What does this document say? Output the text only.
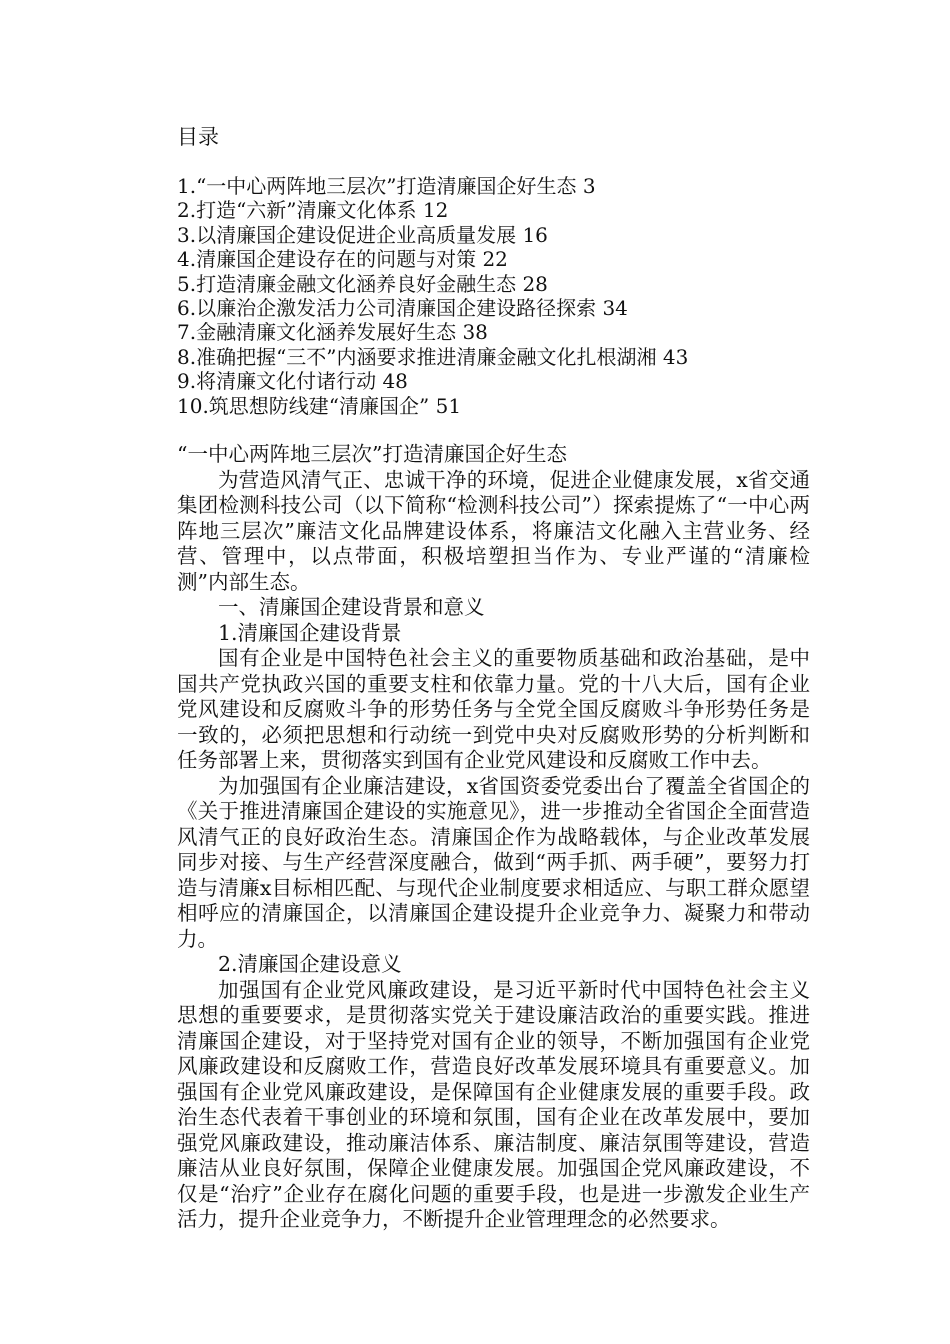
目录
1.“一中心两阵地三层次”打造清廉国企好生态 3
2.打造“六新”清廉文化体系 12
3.以清廉国企建设促进企业高质量发展 16
4.清廉国企建设存在的问题与对策 22
5.打造清廉金融文化涵养良好金融生态 28
6.以廉治企激发活力公司清廉国企建设路径探索 34
7.金融清廉文化涵养发展好生态 38
8.准确把握“三不”内涵要求推进清廉金融文化扎根湖湘 43
9.将清廉文化付诸行动 48
10.筑思想防线建“清廉国企” 51

“一中心两阵地三层次”打造清廉国企好生态

为营造风清气正、忠诚干净的环境，促进企业健康发展，x省交通集团检测科技公司（以下简称“检测科技公司”）探索提炼了“一中心两阵地三层次”廉洁文化品牌建设体系，将廉洁文化融入主营业务、经营、管理中，以点带面，积极培塑担当作为、专业严谨的“清廉检测”内部生态。

一、清廉国企建设背景和意义

1.清廉国企建设背景

国有企业是中国特色社会主义的重要物质基础和政治基础，是中国共产党执政兴国的重要支柱和依靠力量。党的十八大后，国有企业党风建设和反腐败斗争的形势任务与全党全国反腐败斗争形势任务是一致的，必须把思想和行动统一到党中央对反腐败形势的分析判断和任务部署上来，贯彻落实到国有企业党风建设和反腐败工作中去。

为加强国有企业廉洁建设，x省国资委党委出台了覆盖全省国企的《关于推进清廉国企建设的实施意见》，进一步推动全省国企全面营造风清气正的良好政治生态。清廉国企作为战略载体，与企业改革发展同步对接、与生产经营深度融合，做到“两手抓、两手硬”，要努力打造与清廉x目标相匹配、与现代企业制度要求相适应、与职工群众愿望相呼应的清廉国企，以清廉国企建设提升企业竞争力、凝聚力和带动力。

2.清廉国企建设意义

加强国有企业党风廉政建设，是习近平新时代中国特色社会主义思想的重要要求，是贯彻落实党关于建设廉洁政治的重要实践。推进清廉国企建设，对于坚持党对国有企业的领导，不断加强国有企业党风廉政建设和反腐败工作，营造良好改革发展环境具有重要意义。加强国有企业党风廉政建设，是保障国有企业健康发展的重要手段。政治生态代表着干事创业的环境和氛围，国有企业在改革发展中，要加强党风廉政建设，推动廉洁体系、廉洁制度、廉洁氛围等建设，营造廉洁从业良好氛围，保障企业健康发展。加强国企党风廉政建设，不仅是“治疗”企业存在腐化问题的重要手段，也是进一步激发企业生产活力，提升企业竞争力，不断提升企业管理理念的必然要求。
